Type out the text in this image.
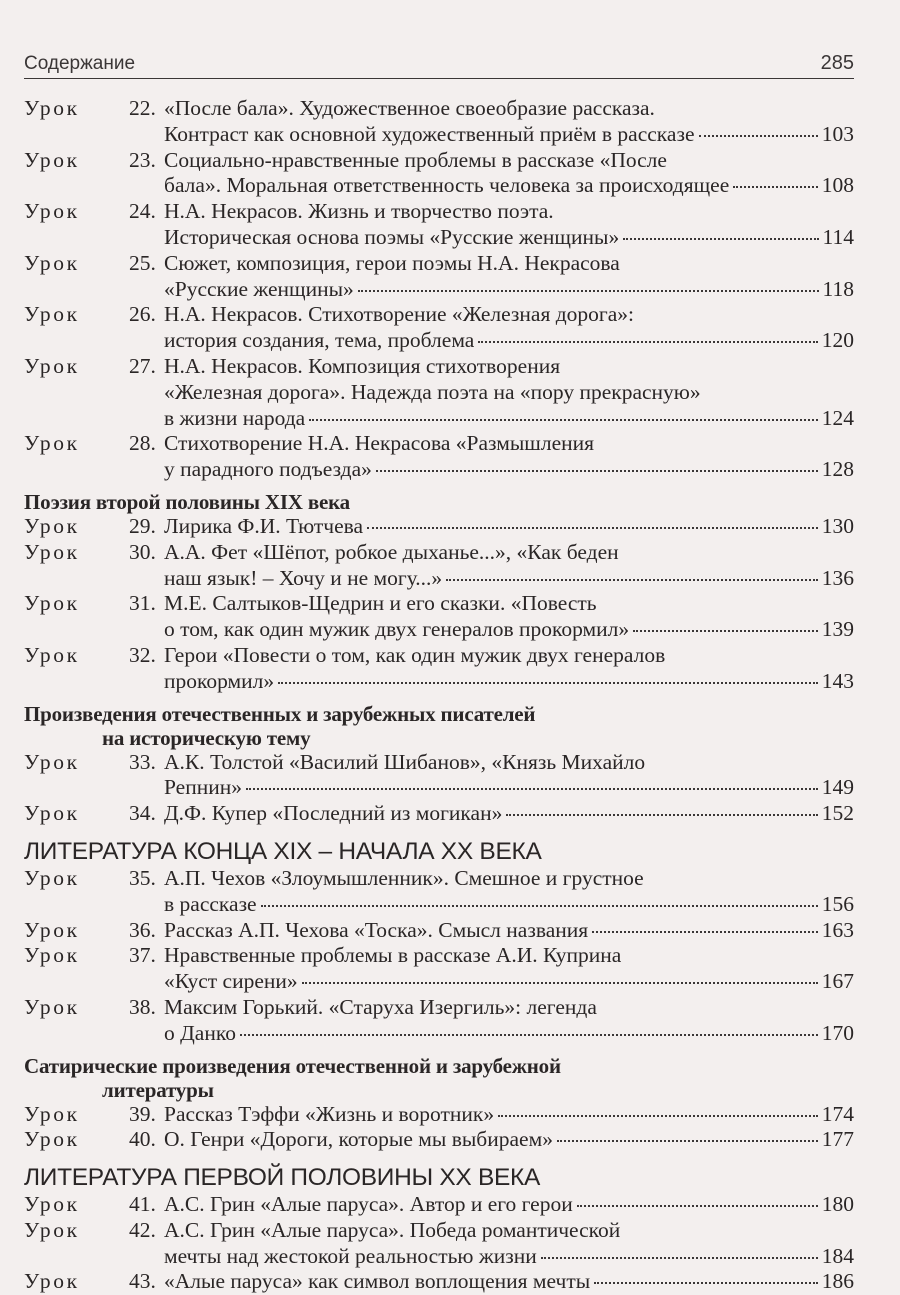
Содержание	285
Урок	22. «После бала». Художественное своеобразие рассказа.
Контраст как основной художественный приём в рассказе	103
Урок	23. Социально-нравственные проблемы в рассказе «После
бала». Моральная ответственность человека за происходящее	108
Урок	24. Н.А. Некрасов. Жизнь и творчество поэта.
Историческая основа поэмы «Русские женщины»	114
Урок	25. Сюжет, композиция, герои поэмы Н.А. Некрасова
«Русские женщины»	118
Урок	26. Н.А. Некрасов. Стихотворение «Железная дорога»:
история создания, тема, проблема	120
Урок	27. Н.А. Некрасов. Композиция стихотворения
«Железная дорога». Надежда поэта на «пору прекрасную»
в жизни народа	124
Урок	28. Стихотворение Н.А. Некрасова «Размышления
у парадного подъезда»	128
Поэзия второй половины XIX века
Урок	29. Лирика Ф.И. Тютчева	130
Урок	30. А.А. Фет «Шёпот, робкое дыханье...», «Как беден
наш язык! – Хочу и не могу...»	136
Урок	31. М.Е. Салтыков-Щедрин и его сказки. «Повесть
о том, как один мужик двух генералов прокормил»	139
Урок	32. Герои «Повести о том, как один мужик двух генералов
прокормил»	143
Произведения отечественных и зарубежных писателей
на историческую тему
Урок	33. А.К. Толстой «Василий Шибанов», «Князь Михайло
Репнин»	149
Урок	34. Д.Ф. Купер «Последний из могикан»	152
ЛИТЕРАТУРА КОНЦА XIX – НАЧАЛА XX ВЕКА
Урок	35. А.П. Чехов «Злоумышленник». Смешное и грустное
в рассказе	156
Урок	36. Рассказ А.П. Чехова «Тоска». Смысл названия	163
Урок	37. Нравственные проблемы в рассказе А.И. Куприна
«Куст сирени»	167
Урок	38. Максим Горький. «Старуха Изергиль»: легенда
о Данко	170
Сатирические произведения отечественной и зарубежной
литературы
Урок	39. Рассказ Тэффи «Жизнь и воротник»	174
Урок	40. О. Генри «Дороги, которые мы выбираем»	177
ЛИТЕРАТУРА ПЕРВОЙ ПОЛОВИНЫ XX ВЕКА
Урок	41. А.С. Грин «Алые паруса». Автор и его герои	180
Урок	42. А.С. Грин «Алые паруса». Победа романтической
мечты над жестокой реальностью жизни	184
Урок	43. «Алые паруса» как символ воплощения мечты	186
